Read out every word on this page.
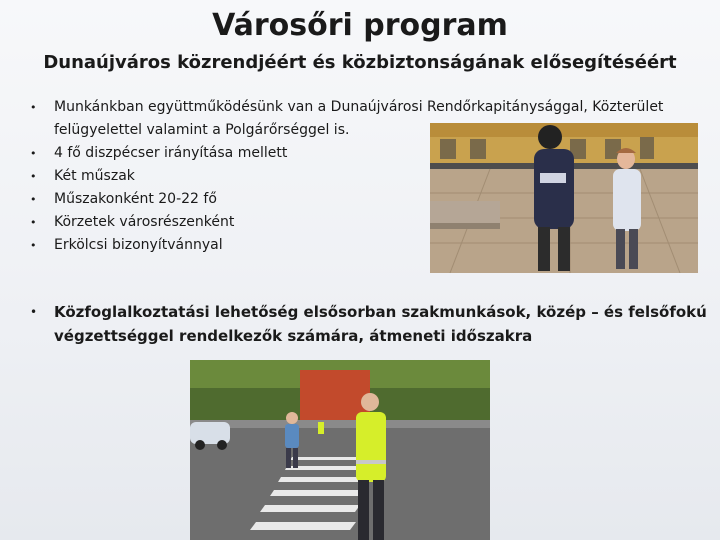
Városőri program
Dunaújváros közrendjéért és közbiztonságának elősegítéséért
• Munkánkban együttműködésünk van a Dunaújvárosi Rendőrkapitánysággal, Közterület felügyelettel valamint a Polgárőrséggel is.
• 4 fő diszpécser irányítása mellett
• Két műszak
• Műszakonként 20-22 fő
• Körzetek városrészenként
• Erkölcsi bizonyítvánnyal
• Közfoglalkoztatási lehetőség elsősorban szakmunkások, közép – és felsőfokú végzettséggel rendelkezők számára, átmeneti időszakra
